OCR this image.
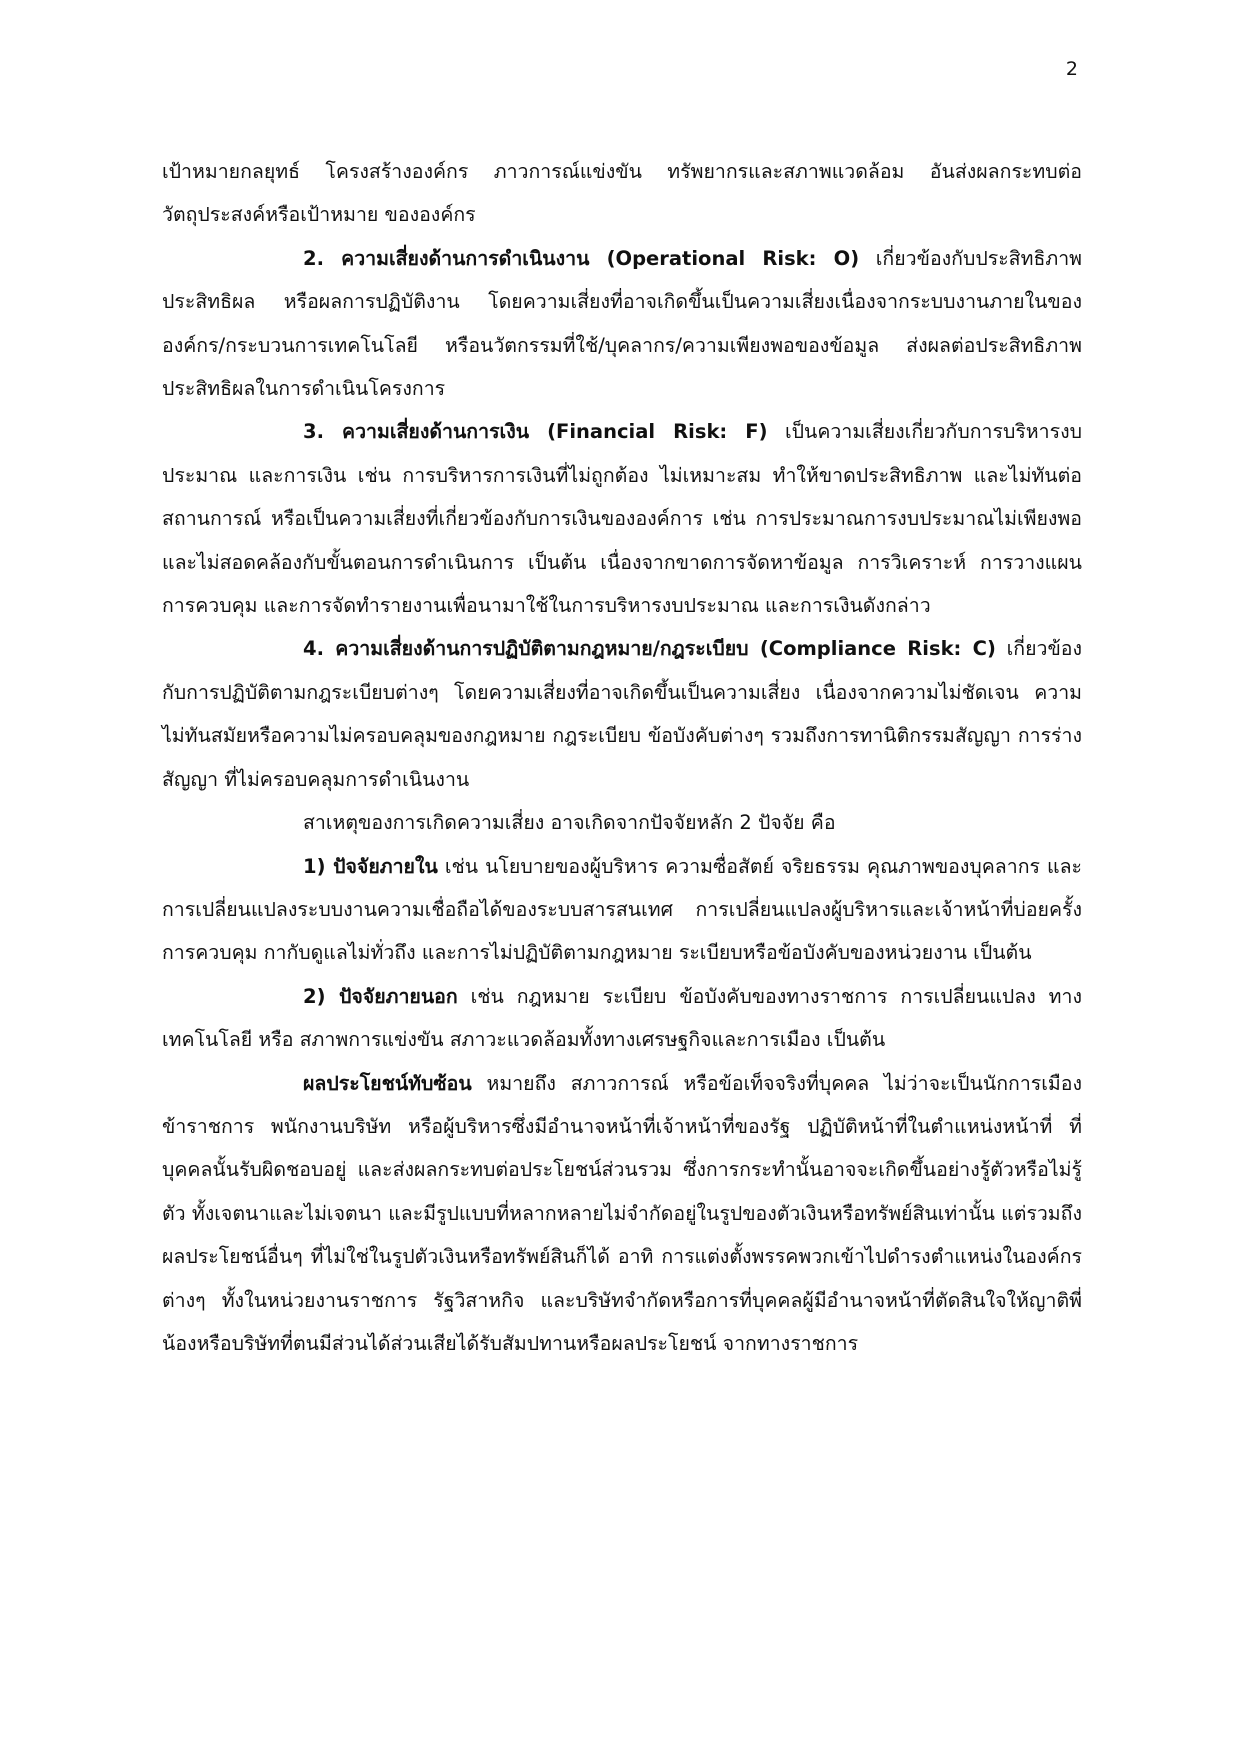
2

เป้าหมายกลยุทธ์ โครงสร้างองค์กร ภาวการณ์แข่งขัน ทรัพยากรและสภาพแวดล้อม อันส่งผลกระทบต่อวัตถุประสงค์หรือเป้าหมาย ขององค์กร

2. ความเสี่ยงด้านการดำเนินงาน (Operational Risk: O) เกี่ยวข้องกับประสิทธิภาพ ประสิทธิผล หรือผลการปฏิบัติงาน โดยความเสี่ยงที่อาจเกิดขึ้นเป็นความเสี่ยงเนื่องจากระบบงานภายในขององค์กร/กระบวนการเทคโนโลยี หรือนวัตกรรมที่ใช้/บุคลากร/ความเพียงพอของข้อมูล ส่งผลต่อประสิทธิภาพ ประสิทธิผลในการดำเนินโครงการ

3. ความเสี่ยงด้านการเงิน (Financial Risk: F) เป็นความเสี่ยงเกี่ยวกับการบริหารงบประมาณ และการเงิน เช่น การบริหารการเงินที่ไม่ถูกต้อง ไม่เหมาะสม ทำให้ขาดประสิทธิภาพ และไม่ทันต่อสถานการณ์ หรือเป็นความเสี่ยงที่เกี่ยวข้องกับการเงินขององค์การ เช่น การประมาณการงบประมาณไม่เพียงพอ และไม่สอดคล้องกับขั้นตอนการดำเนินการ เป็นต้น เนื่องจากขาดการจัดหาข้อมูล การวิเคราะห์ การวางแผน การควบคุม และการจัดทำรายงานเพื่อนามาใช้ในการบริหารงบประมาณ และการเงินดังกล่าว

4. ความเสี่ยงด้านการปฏิบัติตามกฎหมาย/กฎระเบียบ (Compliance Risk: C) เกี่ยวข้องกับการปฏิบัติตามกฎระเบียบต่างๆ โดยความเสี่ยงที่อาจเกิดขึ้นเป็นความเสี่ยง เนื่องจากความไม่ชัดเจน ความไม่ทันสมัยหรือความไม่ครอบคลุมของกฎหมาย กฎระเบียบ ข้อบังคับต่างๆ รวมถึงการทานิติกรรมสัญญา การร่างสัญญา ที่ไม่ครอบคลุมการดำเนินงาน

สาเหตุของการเกิดความเสี่ยง อาจเกิดจากปัจจัยหลัก 2 ปัจจัย คือ

1) ปัจจัยภายใน เช่น นโยบายของผู้บริหาร ความซื่อสัตย์ จริยธรรม คุณภาพของบุคลากร และ การเปลี่ยนแปลงระบบงานความเชื่อถือได้ของระบบสารสนเทศ การเปลี่ยนแปลงผู้บริหารและเจ้าหน้าที่บ่อยครั้ง การควบคุม กากับดูแลไม่ทั่วถึง และการไม่ปฏิบัติตามกฎหมาย ระเบียบหรือข้อบังคับของหน่วยงาน เป็นต้น

2) ปัจจัยภายนอก เช่น กฎหมาย ระเบียบ ข้อบังคับของทางราชการ การเปลี่ยนแปลง ทางเทคโนโลยี หรือ สภาพการแข่งขัน สภาวะแวดล้อมทั้งทางเศรษฐกิจและการเมือง เป็นต้น

ผลประโยชน์ทับซ้อน หมายถึง สภาวการณ์ หรือข้อเท็จจริงที่บุคคล ไม่ว่าจะเป็นนักการเมือง ข้าราชการ พนักงานบริษัท หรือผู้บริหารซึ่งมีอำนาจหน้าที่เจ้าหน้าที่ของรัฐ ปฏิบัติหน้าที่ในตำแหน่งหน้าที่ ที่บุคคลนั้นรับผิดชอบอยู่ และส่งผลกระทบต่อประโยชน์ส่วนรวม ซึ่งการกระทำนั้นอาจจะเกิดขึ้นอย่างรู้ตัวหรือไม่รู้ตัว ทั้งเจตนาและไม่เจตนา และมีรูปแบบที่หลากหลายไม่จำกัดอยู่ในรูปของตัวเงินหรือทรัพย์สินเท่านั้น แต่รวมถึงผลประโยชน์อื่นๆ ที่ไม่ใช่ในรูปตัวเงินหรือทรัพย์สินก็ได้ อาทิ การแต่งตั้งพรรคพวกเข้าไปดำรงตำแหน่งในองค์กรต่างๆ ทั้งในหน่วยงานราชการ รัฐวิสาหกิจ และบริษัทจำกัดหรือการที่บุคคลผู้มีอำนาจหน้าที่ตัดสินใจให้ญาติพี่น้องหรือบริษัทที่ตนมีส่วนได้ส่วนเสียได้รับสัมปทานหรือผลประโยชน์ จากทางราชการ
